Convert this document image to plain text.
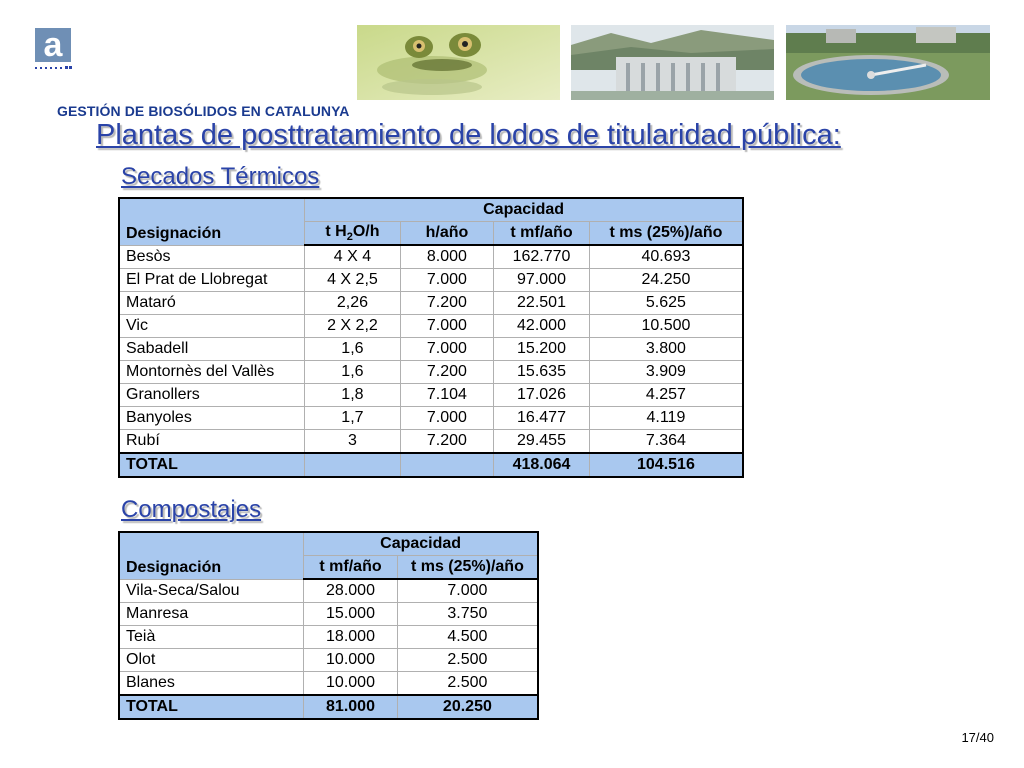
a
GESTIÓN DE BIOSÓLIDOS EN CATALUNYA
Plantas de posttratamiento de lodos de titularidad pública:
Secados Térmicos
Designación	Capacidad			
	t $H_2O/h$	h/año	t mf/año	t ms (25%)/año
Besòs	4 X 4	8.000	162.770	40.693
El Prat de Llobregat	4 X 2,5	7.000	97.000	24.250
Mataró	2,26	7.200	22.501	5.625
Vic	2 X 2,2	7.000	42.000	10.500
Sabadell	1,6	7.000	15.200	3.800
Montornès del Vallès	1,6	7.200	15.635	3.909
Granollers	1,8	7.104	17.026	4.257
Banyoles	1,7	7.000	16.477	4.119
Rubí	3	7.200	29.455	7.364
TOTAL			418.064	104.516
Compostajes
Designación	Capacidad	
	t mf/año	t ms (25%)/año
Vila-Seca/Salou	28.000	7.000
Manresa	15.000	3.750
Teià	18.000	4.500
Olot	10.000	2.500
Blanes	10.000	2.500
TOTAL	81.000	20.250
17/40
